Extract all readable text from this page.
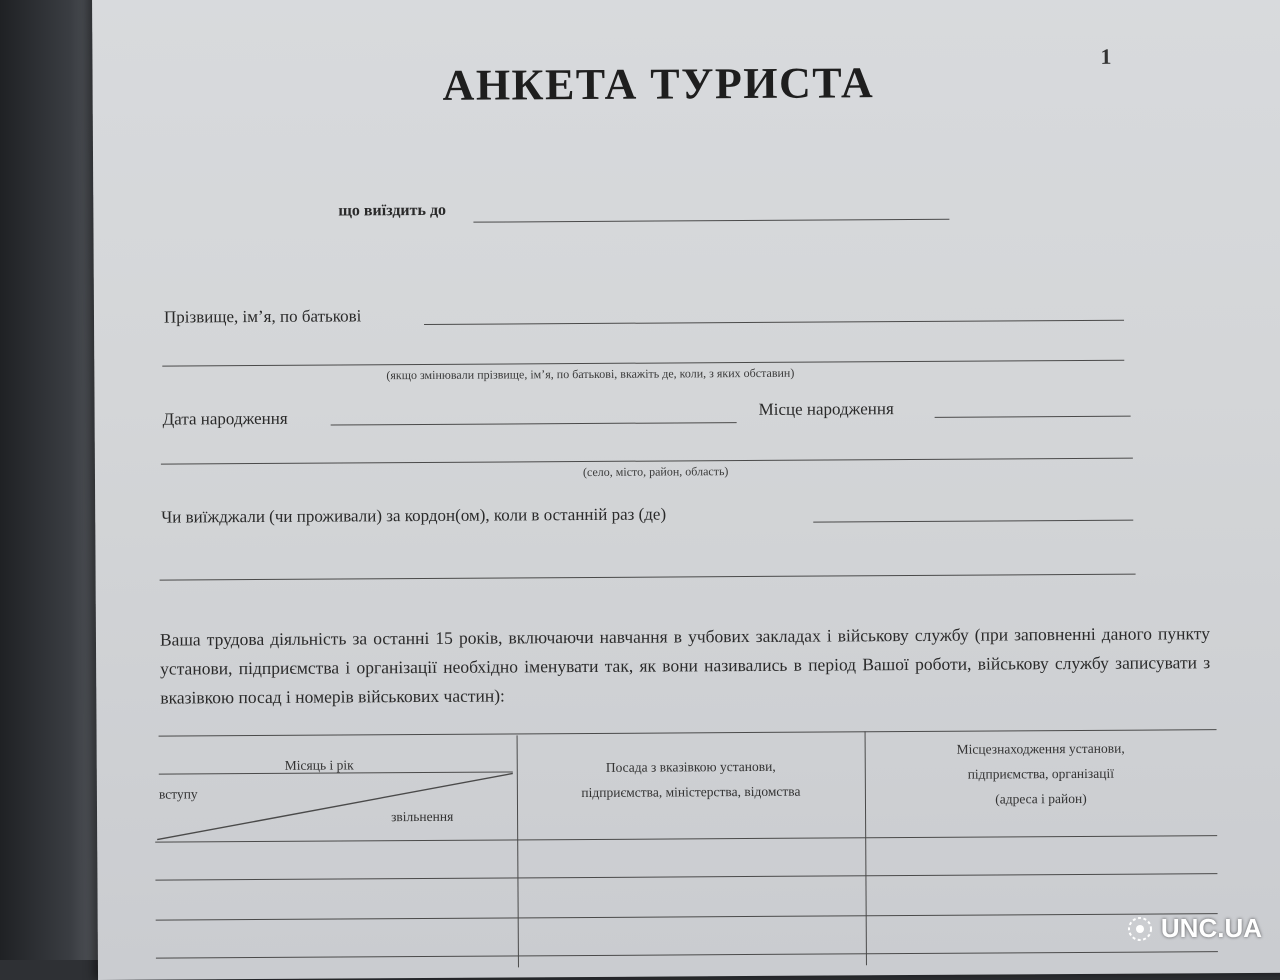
1
АНКЕТА ТУРИСТА
що виїздить до
Прізвище, ім’я, по батькові
(якщо змінювали прізвище, ім’я, по батькові, вкажіть де, коли, з яких обставин)
Дата народження	Місце народження
(село, місто, район, область)
Чи виїжджали (чи проживали) за кордон(ом), коли в останній раз (де)
Ваша трудова діяльність за останні 15 років, включаючи навчання в учбових закладах і військову службу (при заповненні даного пункту установи, підприємства і організації необхідно іменувати так, як вони називались в період Вашої роботи, військову службу записувати з вказівкою посад і номерів військових частин):
Місяць і рік
вступу
звільнення
Посада з вказівкою установи,
підприємства, міністерства, відомства
Місцезнаходження установи,
підприємства, організації
(адреса і район)
UNC.UA
